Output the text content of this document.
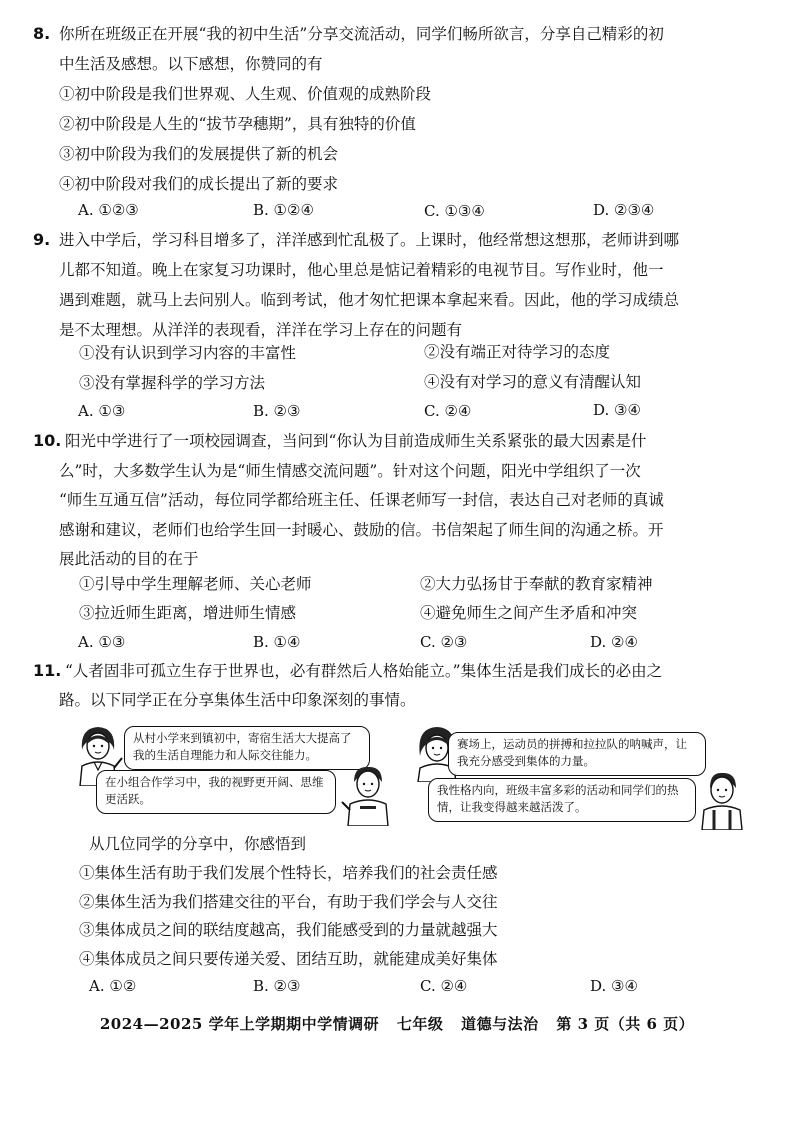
8. 你所在班级正在开展“我的初中生活”分享交流活动，同学们畅所欲言，分享自己精彩的初
中生活及感想。以下感想，你赞同的有
①初中阶段是我们世界观、人生观、价值观的成熟阶段
②初中阶段是人生的“拔节孕穗期”，具有独特的价值
③初中阶段为我们的发展提供了新的机会
④初中阶段对我们的成长提出了新的要求
A. ①②③	B. ①②④	C. ①③④	D. ②③④
9. 进入中学后，学习科目增多了，洋洋感到忙乱极了。上课时，他经常想这想那，老师讲到哪
儿都不知道。晚上在家复习功课时，他心里总是惦记着精彩的电视节目。写作业时，他一
遇到难题，就马上去问别人。临到考试，他才匆忙把课本拿起来看。因此，他的学习成绩总
是不太理想。从洋洋的表现看，洋洋在学习上存在的问题有
①没有认识到学习内容的丰富性	②没有端正对待学习的态度
③没有掌握科学的学习方法	④没有对学习的意义有清醒认知
A. ①③	B. ②③	C. ②④	D. ③④
10. 阳光中学进行了一项校园调查，当问到“你认为目前造成师生关系紧张的最大因素是什
么”时，大多数学生认为是“师生情感交流问题”。针对这个问题，阳光中学组织了一次
“师生互通互信”活动，每位同学都给班主任、任课老师写一封信，表达自己对老师的真诚
感谢和建议，老师们也给学生回一封暖心、鼓励的信。书信架起了师生间的沟通之桥。开
展此活动的目的在于
①引导中学生理解老师、关心老师	②大力弘扬甘于奉献的教育家精神
③拉近师生距离，增进师生情感	④避免师生之间产生矛盾和冲突
A. ①③	B. ①④	C. ②③	D. ②④
11. “人者固非可孤立生存于世界也，必有群然后人格始能立。”集体生活是我们成长的必由之
路。以下同学正在分享集体生活中印象深刻的事情。
从村小学来到镇初中，寄宿生活大大提高了我的生活自理能力和人际交往能力。
在小组合作学习中，我的视野更开阔、思维更活跃。
赛场上，运动员的拼搏和拉拉队的呐喊声，让我充分感受到集体的力量。
我性格内向，班级丰富多彩的活动和同学们的热情，让我变得越来越活泼了。
从几位同学的分享中，你感悟到
①集体生活有助于我们发展个性特长，培养我们的社会责任感
②集体生活为我们搭建交往的平台，有助于我们学会与人交往
③集体成员之间的联结度越高，我们能感受到的力量就越强大
④集体成员之间只要传递关爱、团结互助，就能建成美好集体
A. ①②	B. ②③	C. ②④	D. ③④
2024—2025 学年上学期期中学情调研 七年级 道德与法治 第 3 页（共 6 页）
